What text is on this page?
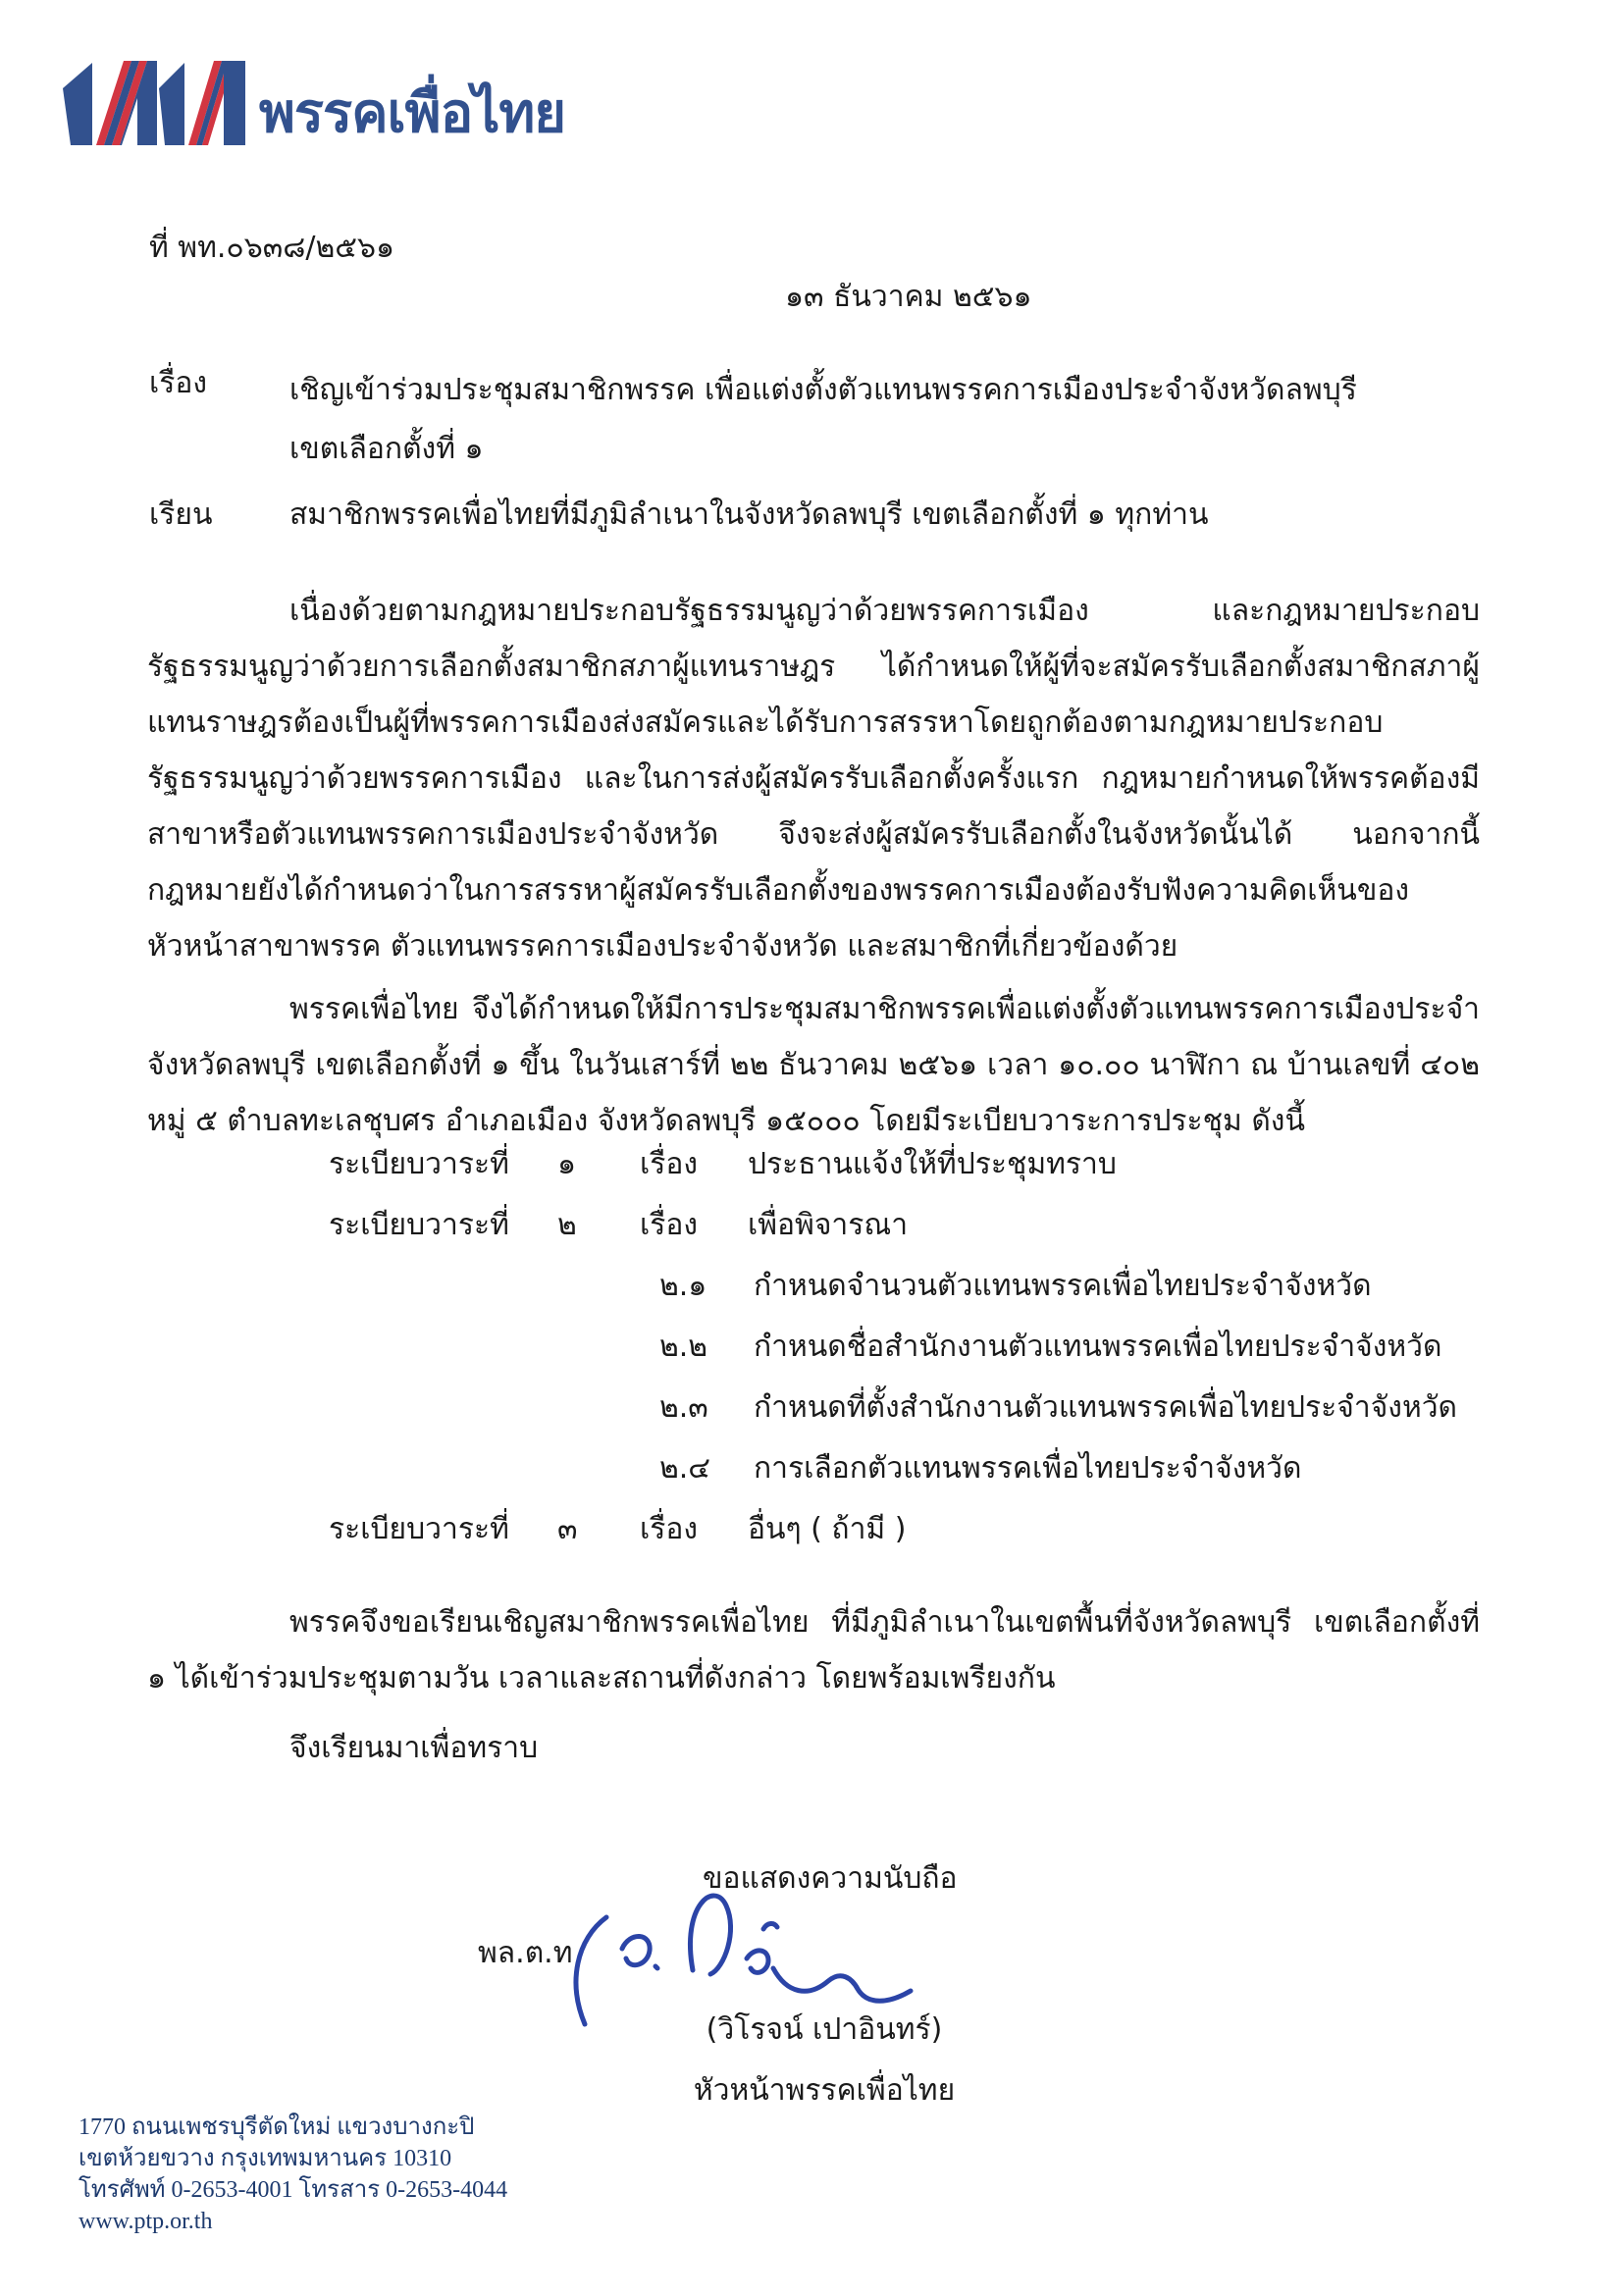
พรรคเพื่อไทย
ที่ พท.๐๖๓๘/๒๕๖๑
๑๓ ธันวาคม ๒๕๖๑
เรื่อง	เชิญเข้าร่วมประชุมสมาชิกพรรค เพื่อแต่งตั้งตัวแทนพรรคการเมืองประจำจังหวัดลพบุรี
เขตเลือกตั้งที่ ๑
เรียน	สมาชิกพรรคเพื่อไทยที่มีภูมิลำเนาในจังหวัดลพบุรี เขตเลือกตั้งที่ ๑ ทุกท่าน
เนื่องด้วยตามกฎหมายประกอบรัฐธรรมนูญว่าด้วยพรรคการเมือง และกฎหมายประกอบรัฐธรรมนูญว่าด้วยการเลือกตั้งสมาชิกสภาผู้แทนราษฎร ได้กำหนดให้ผู้ที่จะสมัครรับเลือกตั้งสมาชิกสภาผู้แทนราษฎรต้องเป็นผู้ที่พรรคการเมืองส่งสมัครและได้รับการสรรหาโดยถูกต้องตามกฎหมายประกอบรัฐธรรมนูญว่าด้วยพรรคการเมือง และในการส่งผู้สมัครรับเลือกตั้งครั้งแรก กฎหมายกำหนดให้พรรคต้องมีสาขาหรือตัวแทนพรรคการเมืองประจำจังหวัด จึงจะส่งผู้สมัครรับเลือกตั้งในจังหวัดนั้นได้ นอกจากนี้กฎหมายยังได้กำหนดว่าในการสรรหาผู้สมัครรับเลือกตั้งของพรรคการเมืองต้องรับฟังความคิดเห็นของหัวหน้าสาขาพรรค ตัวแทนพรรคการเมืองประจำจังหวัด และสมาชิกที่เกี่ยวข้องด้วย
พรรคเพื่อไทย จึงได้กำหนดให้มีการประชุมสมาชิกพรรคเพื่อแต่งตั้งตัวแทนพรรคการเมืองประจำจังหวัดลพบุรี เขตเลือกตั้งที่ ๑ ขึ้น ในวันเสาร์ที่ ๒๒ ธันวาคม ๒๕๖๑ เวลา ๑๐.๐๐ นาฬิกา ณ บ้านเลขที่ ๔๐๒ หมู่ ๕ ตำบลทะเลชุบศร อำเภอเมือง จังหวัดลพบุรี ๑๕๐๐๐ โดยมีระเบียบวาระการประชุม ดังนี้
ระเบียบวาระที่ ๑ เรื่อง ประธานแจ้งให้ที่ประชุมทราบ
ระเบียบวาระที่ ๒ เรื่อง เพื่อพิจารณา
๒.๑ กำหนดจำนวนตัวแทนพรรคเพื่อไทยประจำจังหวัด
๒.๒ กำหนดชื่อสำนักงานตัวแทนพรรคเพื่อไทยประจำจังหวัด
๒.๓ กำหนดที่ตั้งสำนักงานตัวแทนพรรคเพื่อไทยประจำจังหวัด
๒.๔ การเลือกตัวแทนพรรคเพื่อไทยประจำจังหวัด
ระเบียบวาระที่ ๓ เรื่อง อื่นๆ ( ถ้ามี )
พรรคจึงขอเรียนเชิญสมาชิกพรรคเพื่อไทย ที่มีภูมิลำเนาในเขตพื้นที่จังหวัดลพบุรี เขตเลือกตั้งที่ ๑ ได้เข้าร่วมประชุมตามวัน เวลาและสถานที่ดังกล่าว โดยพร้อมเพรียงกัน
จึงเรียนมาเพื่อทราบ
ขอแสดงความนับถือ
พล.ต.ท
(วิโรจน์ เปาอินทร์)
หัวหน้าพรรคเพื่อไทย
1770 ถนนเพชรบุรีตัดใหม่ แขวงบางกะปิ
เขตห้วยขวาง กรุงเทพมหานคร 10310
โทรศัพท์ 0-2653-4001 โทรสาร 0-2653-4044
www.ptp.or.th
